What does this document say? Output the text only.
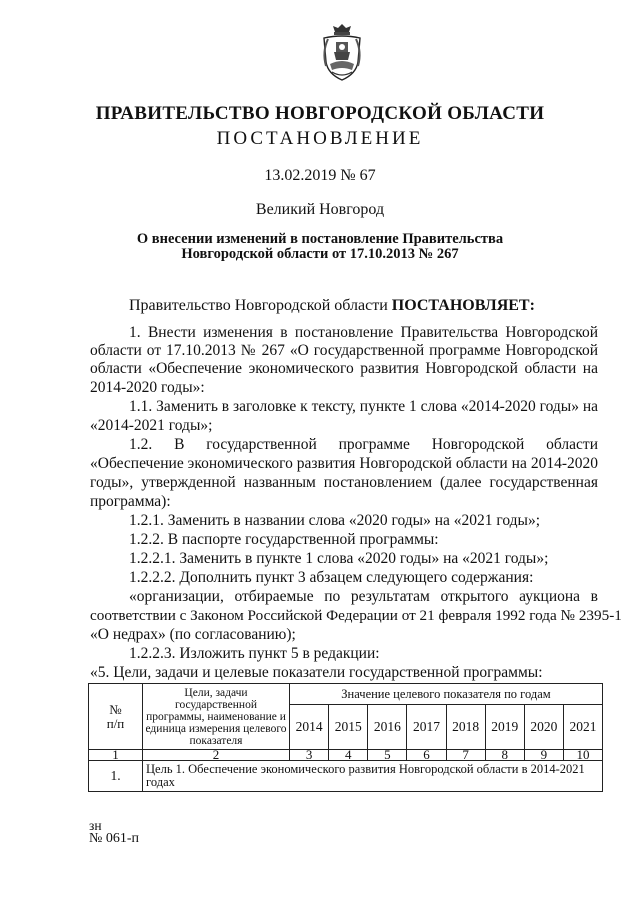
ПРАВИТЕЛЬСТВО НОВГОРОДСКОЙ ОБЛАСТИ
ПОСТАНОВЛЕНИЕ
13.02.2019 № 67
Великий Новгород
О внесении изменений в постановление Правительства
Новгородской области от 17.10.2013 № 267
Правительство Новгородской области ПОСТАНОВЛЯЕТ:
1. Внести изменения в постановление Правительства Новгородской
области от 17.10.2013 № 267 «О государственной программе Новгородской
области «Обеспечение экономического развития Новгородской области на
2014-2020 годы»:
1.1. Заменить в заголовке к тексту, пункте 1 слова «2014-2020 годы» на
«2014-2021 годы»;
1.2. В государственной программе Новгородской области
«Обеспечение экономического развития Новгородской области на 2014-2020
годы», утвержденной названным постановлением (далее государственная
программа):
1.2.1. Заменить в названии слова «2020 годы» на «2021 годы»;
1.2.2. В паспорте государственной программы:
1.2.2.1. Заменить в пункте 1 слова «2020 годы» на «2021 годы»;
1.2.2.2. Дополнить пункт 3 абзацем следующего содержания:
«организации, отбираемые по результатам открытого аукциона в
соответствии с Законом Российской Федерации от 21 февраля 1992 года № 2395-1
«О недрах» (по согласованию);
1.2.2.3. Изложить пункт 5 в редакции:
«5. Цели, задачи и целевые показатели государственной программы:
№
п/п	Цели, задачи государственной программы, наименование и единица измерения целевого показателя	Значение целевого показателя по годам							
		2014	2015	2016	2017	2018	2019	2020	2021
1	2	3	4	5	6	7	8	9	10
1.	Цель 1. Обеспечение экономического развития Новгородской области в 2014-2021 годах								
зн
№ 061-п
